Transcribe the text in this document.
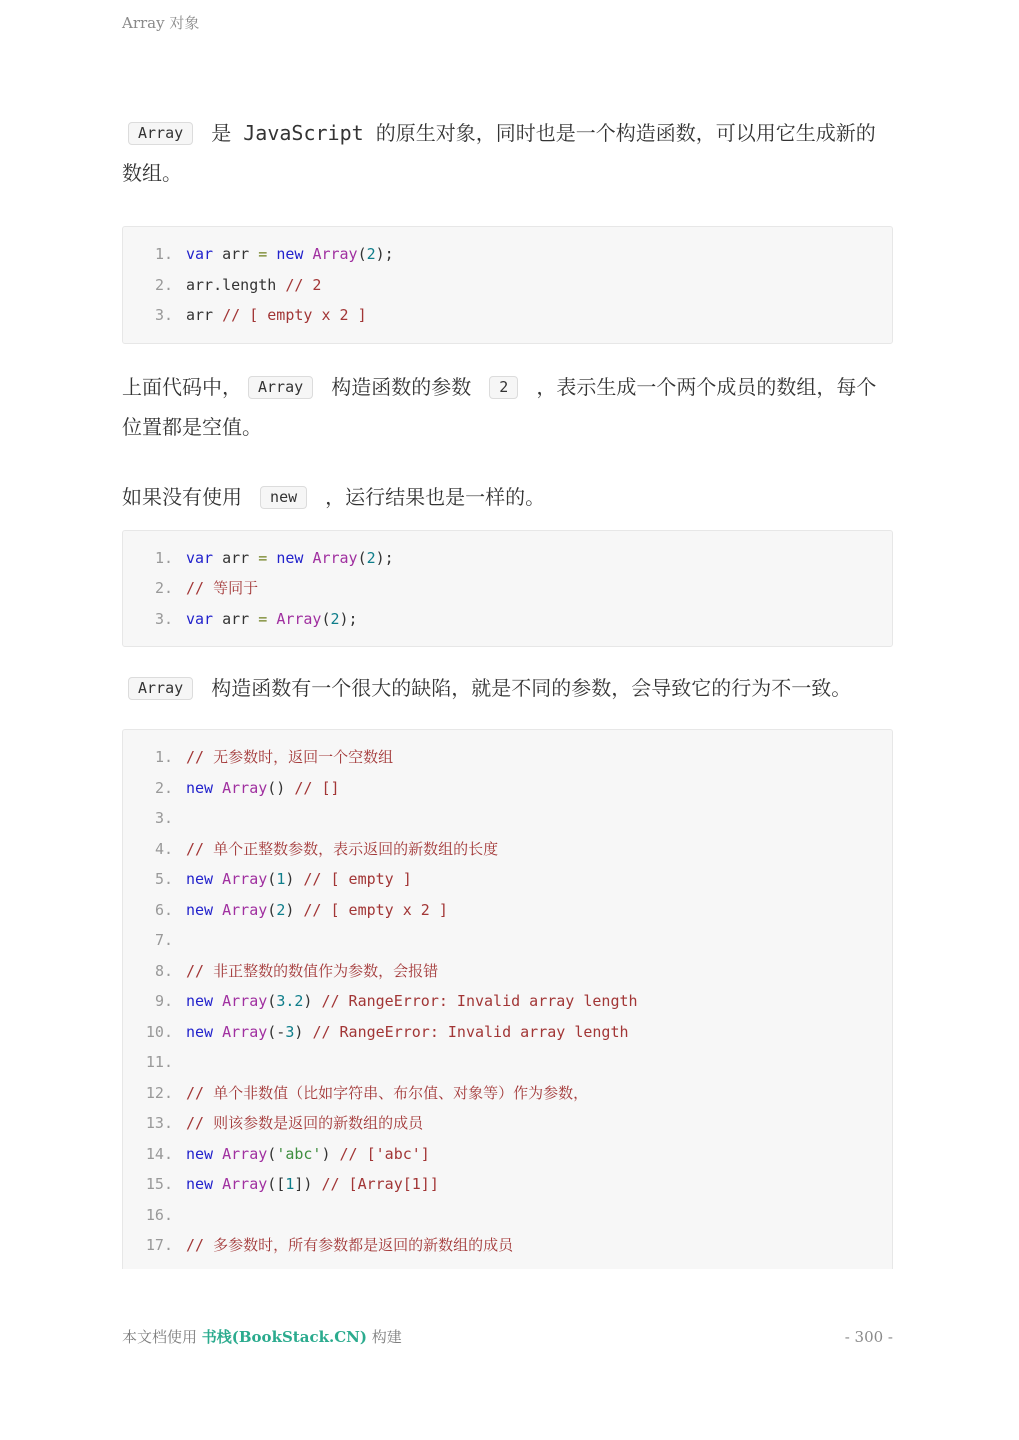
Array 对象

Array 是 JavaScript 的原生对象，同时也是一个构造函数，可以用它生成新的数组。

1. var arr = new Array(2);
2. arr.length // 2
3. arr // [ empty x 2 ]

上面代码中， Array 构造函数的参数 2 ，表示生成一个两个成员的数组，每个位置都是空值。

如果没有使用 new ，运行结果也是一样的。

1. var arr = new Array(2);
2. // 等同于
3. var arr = Array(2);

Array 构造函数有一个很大的缺陷，就是不同的参数，会导致它的行为不一致。

1. // 无参数时，返回一个空数组
2. new Array() // []
3.
4. // 单个正整数参数，表示返回的新数组的长度
5. new Array(1) // [ empty ]
6. new Array(2) // [ empty x 2 ]
7.
8. // 非正整数的数值作为参数，会报错
9. new Array(3.2) // RangeError: Invalid array length
10. new Array(-3) // RangeError: Invalid array length
11.
12. // 单个非数值（比如字符串、布尔值、对象等）作为参数，
13. // 则该参数是返回的新数组的成员
14. new Array('abc') // ['abc']
15. new Array([1]) // [Array[1]]
16.
17. // 多参数时，所有参数都是返回的新数组的成员
本文档使用 书栈(BookStack.CN) 构建	- 300 -
